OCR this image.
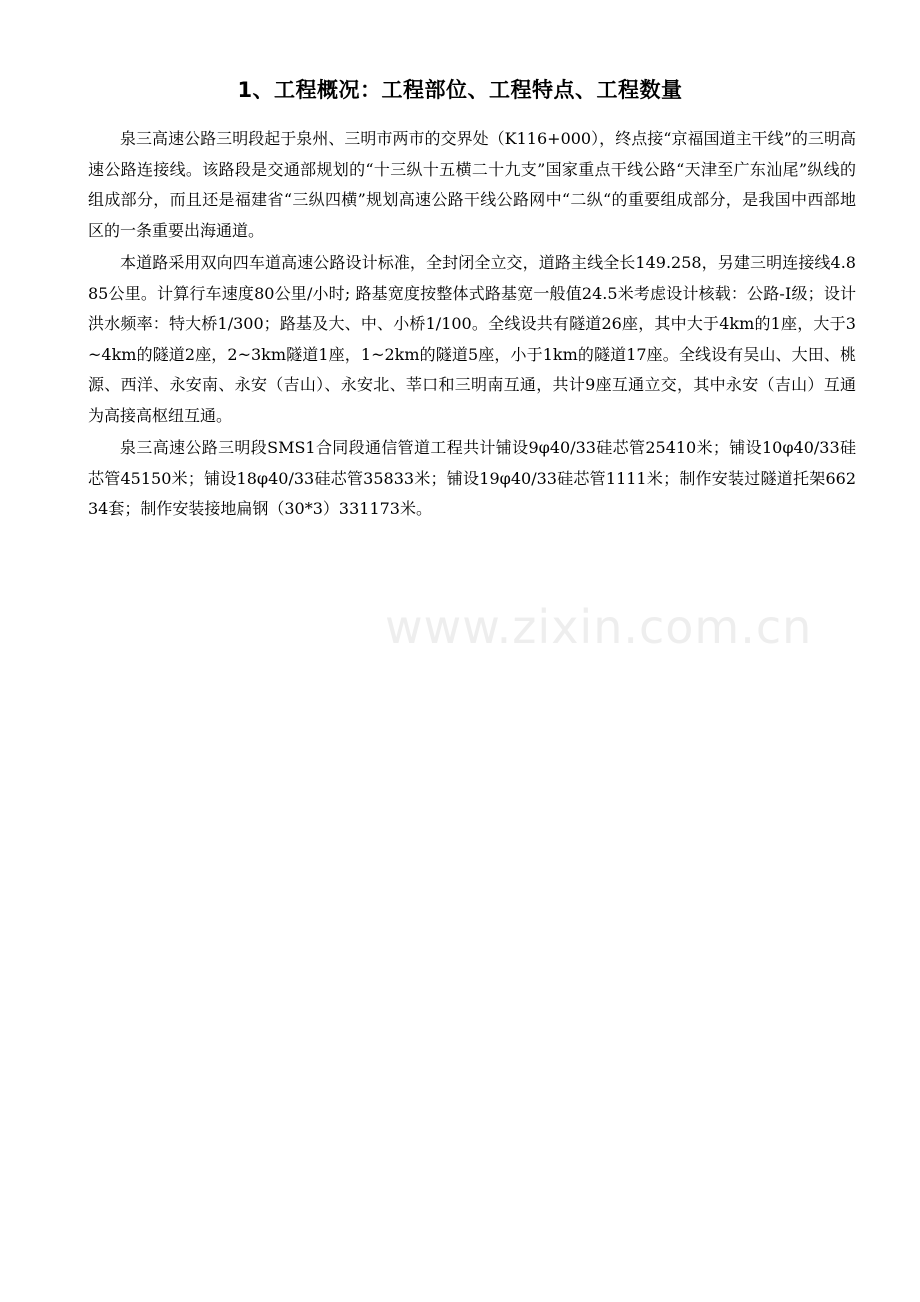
1、工程概况：工程部位、工程特点、工程数量

泉三高速公路三明段起于泉州、三明市两市的交界处（K116+000），终点接“京福国道主干线”的三明高速公路连接线。该路段是交通部规划的“十三纵十五横二十九支”国家重点干线公路“天津至广东汕尾”纵线的组成部分，而且还是福建省“三纵四横”规划高速公路干线公路网中“二纵“的重要组成部分，是我国中西部地区的一条重要出海通道。

本道路采用双向四车道高速公路设计标准，全封闭全立交，道路主线全长149.258，另建三明连接线4.885公里。计算行车速度80公里/小时; 路基宽度按整体式路基宽一般值24.5米考虑设计核载：公路-Ⅰ级；设计洪水频率：特大桥1/300；路基及大、中、小桥1/100。全线设共有隧道26座，其中大于4km的1座，大于3~4km的隧道2座，2~3km隧道1座，1~2km的隧道5座，小于1km的隧道17座。全线设有吴山、大田、桃源、西洋、永安南、永安（吉山）、永安北、莘口和三明南互通，共计9座互通立交，其中永安（吉山）互通为高接高枢纽互通。

泉三高速公路三明段SMS1合同段通信管道工程共计铺设9φ40/33硅芯管25410米；铺设10φ40/33硅芯管45150米；铺设18φ40/33硅芯管35833米；铺设19φ40/33硅芯管1111米；制作安装过隧道托架66234套；制作安装接地扁钢（30*3）331173米。

www.zixin.com.cn
